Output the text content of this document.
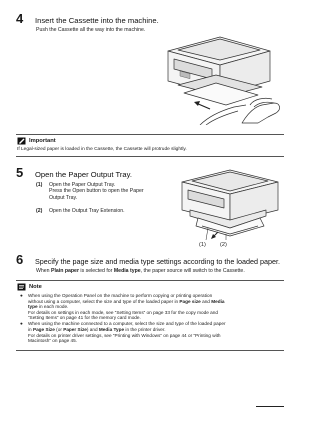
4	Insert the Cassette into the machine.
Push the Cassette all the way into the machine.
Important
If Legal-sized paper is loaded in the Cassette, the Cassette will protrude slightly.
5	Open the Paper Output Tray.
(1)	Open the Paper Output Tray.
Press the Open button to open the Paper
Output Tray.
(2)	Open the Output Tray Extension.
(1)	(2)
6	Specify the page size and media type settings according to the loaded paper.
When Plain paper is selected for Media type, the paper source will switch to the Cassette.
Note
●	When using the Operation Panel on the machine to perform copying or printing operation
without using a computer, select the size and type of the loaded paper in Page size and Media
type in each mode.
For details on settings in each mode, see “Setting Items” on page 33 for the copy mode and
“Setting Items” on page 41 for the memory card mode.
●	When using the machine connected to a computer, select the size and type of the loaded paper
in Page Size (or Paper Size) and Media Type in the printer driver.
For details on printer driver settings, see “Printing with Windows” on page 44 or “Printing with
Macintosh” on page 45.
